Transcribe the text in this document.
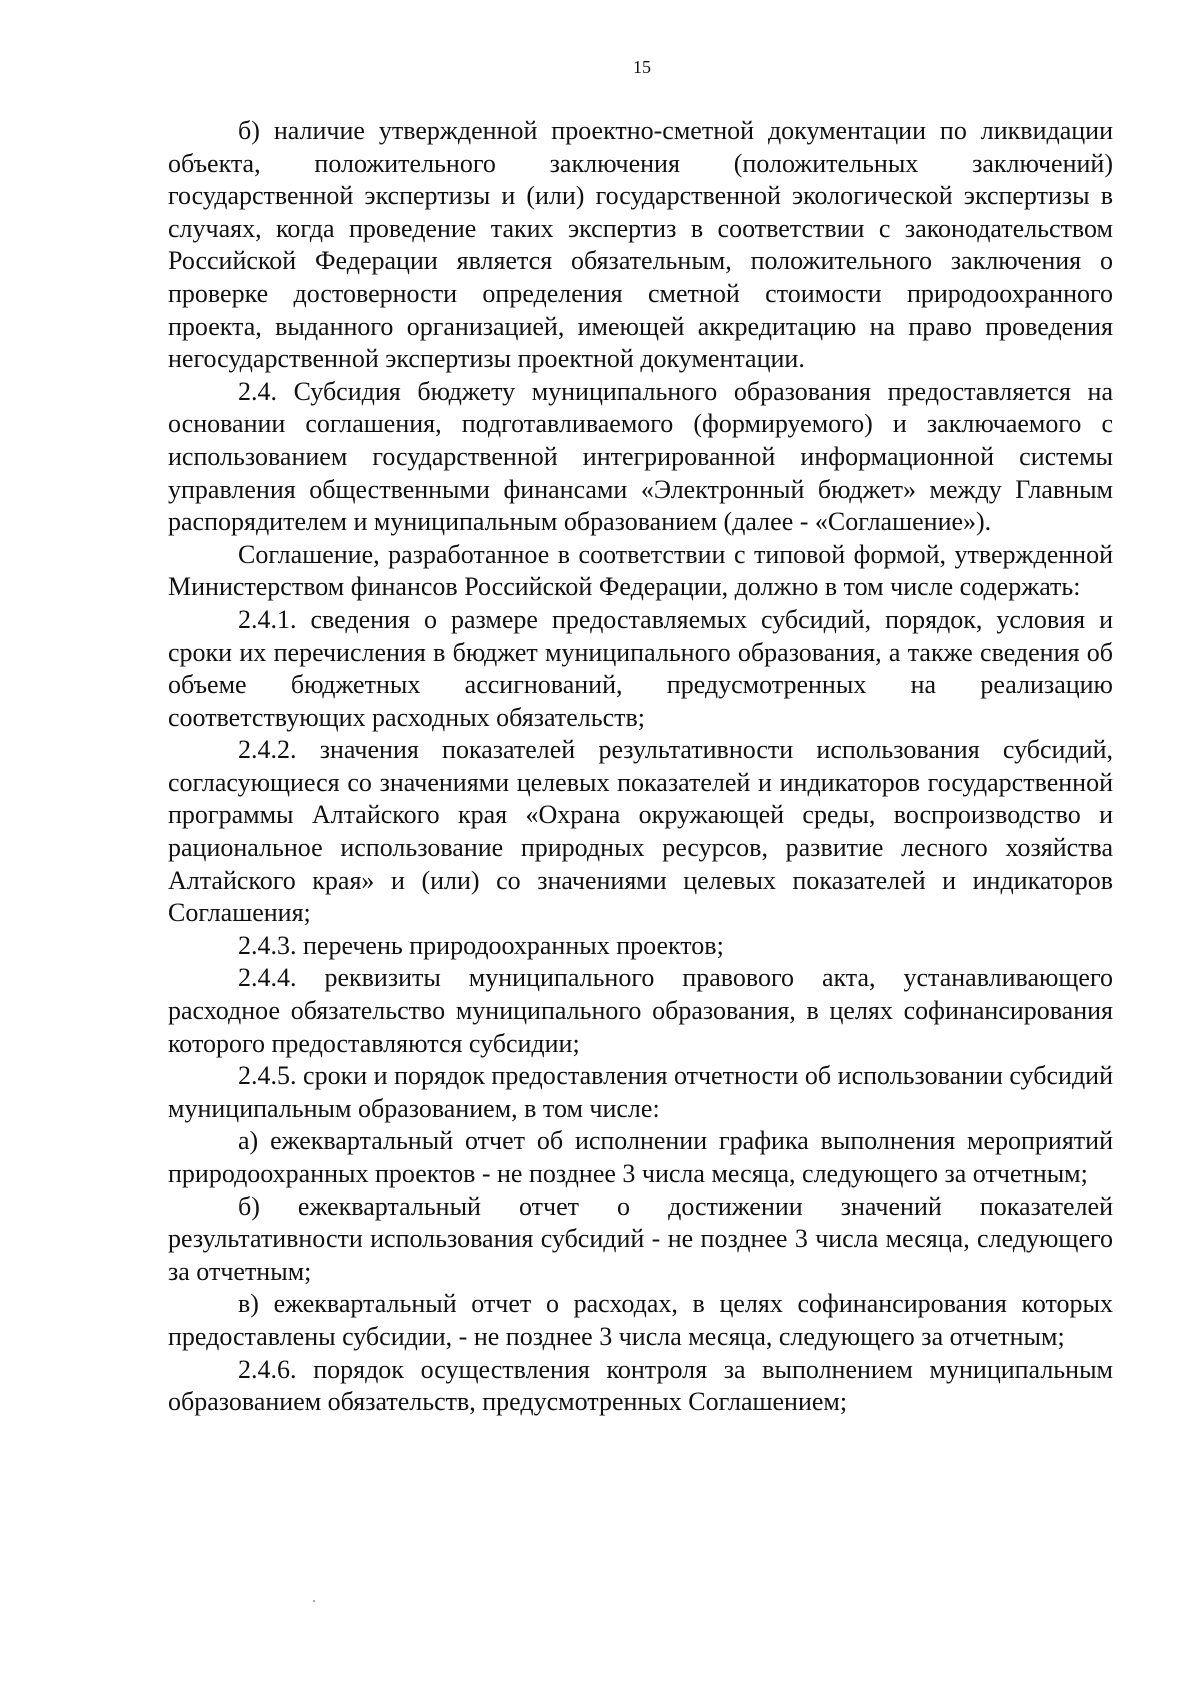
15

б) наличие утвержденной проектно-сметной документации по ликвидации объекта, положительного заключения (положительных заключений) государственной экспертизы и (или) государственной экологической экспертизы в случаях, когда проведение таких экспертиз в соответствии с законодательством Российской Федерации является обязательным, положительного заключения о проверке достоверности определения сметной стоимости природоохранного проекта, выданного организацией, имеющей аккредитацию на право проведения негосударственной экспертизы проектной документации.

2.4. Субсидия бюджету муниципального образования предоставляется на основании соглашения, подготавливаемого (формируемого) и заключаемого с использованием государственной интегрированной информационной системы управления общественными финансами «Электронный бюджет» между Главным распорядителем и муниципальным образованием (далее - «Соглашение»).

Соглашение, разработанное в соответствии с типовой формой, утвержденной Министерством финансов Российской Федерации, должно в том числе содержать:

2.4.1. сведения о размере предоставляемых субсидий, порядок, условия и сроки их перечисления в бюджет муниципального образования, а также сведения об объеме бюджетных ассигнований, предусмотренных на реализацию соответствующих расходных обязательств;

2.4.2. значения показателей результативности использования субсидий, согласующиеся со значениями целевых показателей и индикаторов государственной программы Алтайского края «Охрана окружающей среды, воспроизводство и рациональное использование природных ресурсов, развитие лесного хозяйства Алтайского края» и (или) со значениями целевых показателей и индикаторов Соглашения;

2.4.3. перечень природоохранных проектов;

2.4.4. реквизиты муниципального правового акта, устанавливающего расходное обязательство муниципального образования, в целях софинансирования которого предоставляются субсидии;

2.4.5. сроки и порядок предоставления отчетности об использовании субсидий муниципальным образованием, в том числе:

а) ежеквартальный отчет об исполнении графика выполнения мероприятий природоохранных проектов - не позднее 3 числа месяца, следующего за отчетным;

б) ежеквартальный отчет о достижении значений показателей результативности использования субсидий - не позднее 3 числа месяца, следующего за отчетным;

в) ежеквартальный отчет о расходах, в целях софинансирования которых предоставлены субсидии, - не позднее 3 числа месяца, следующего за отчетным;

2.4.6. порядок осуществления контроля за выполнением муниципальным образованием обязательств, предусмотренных Соглашением;
